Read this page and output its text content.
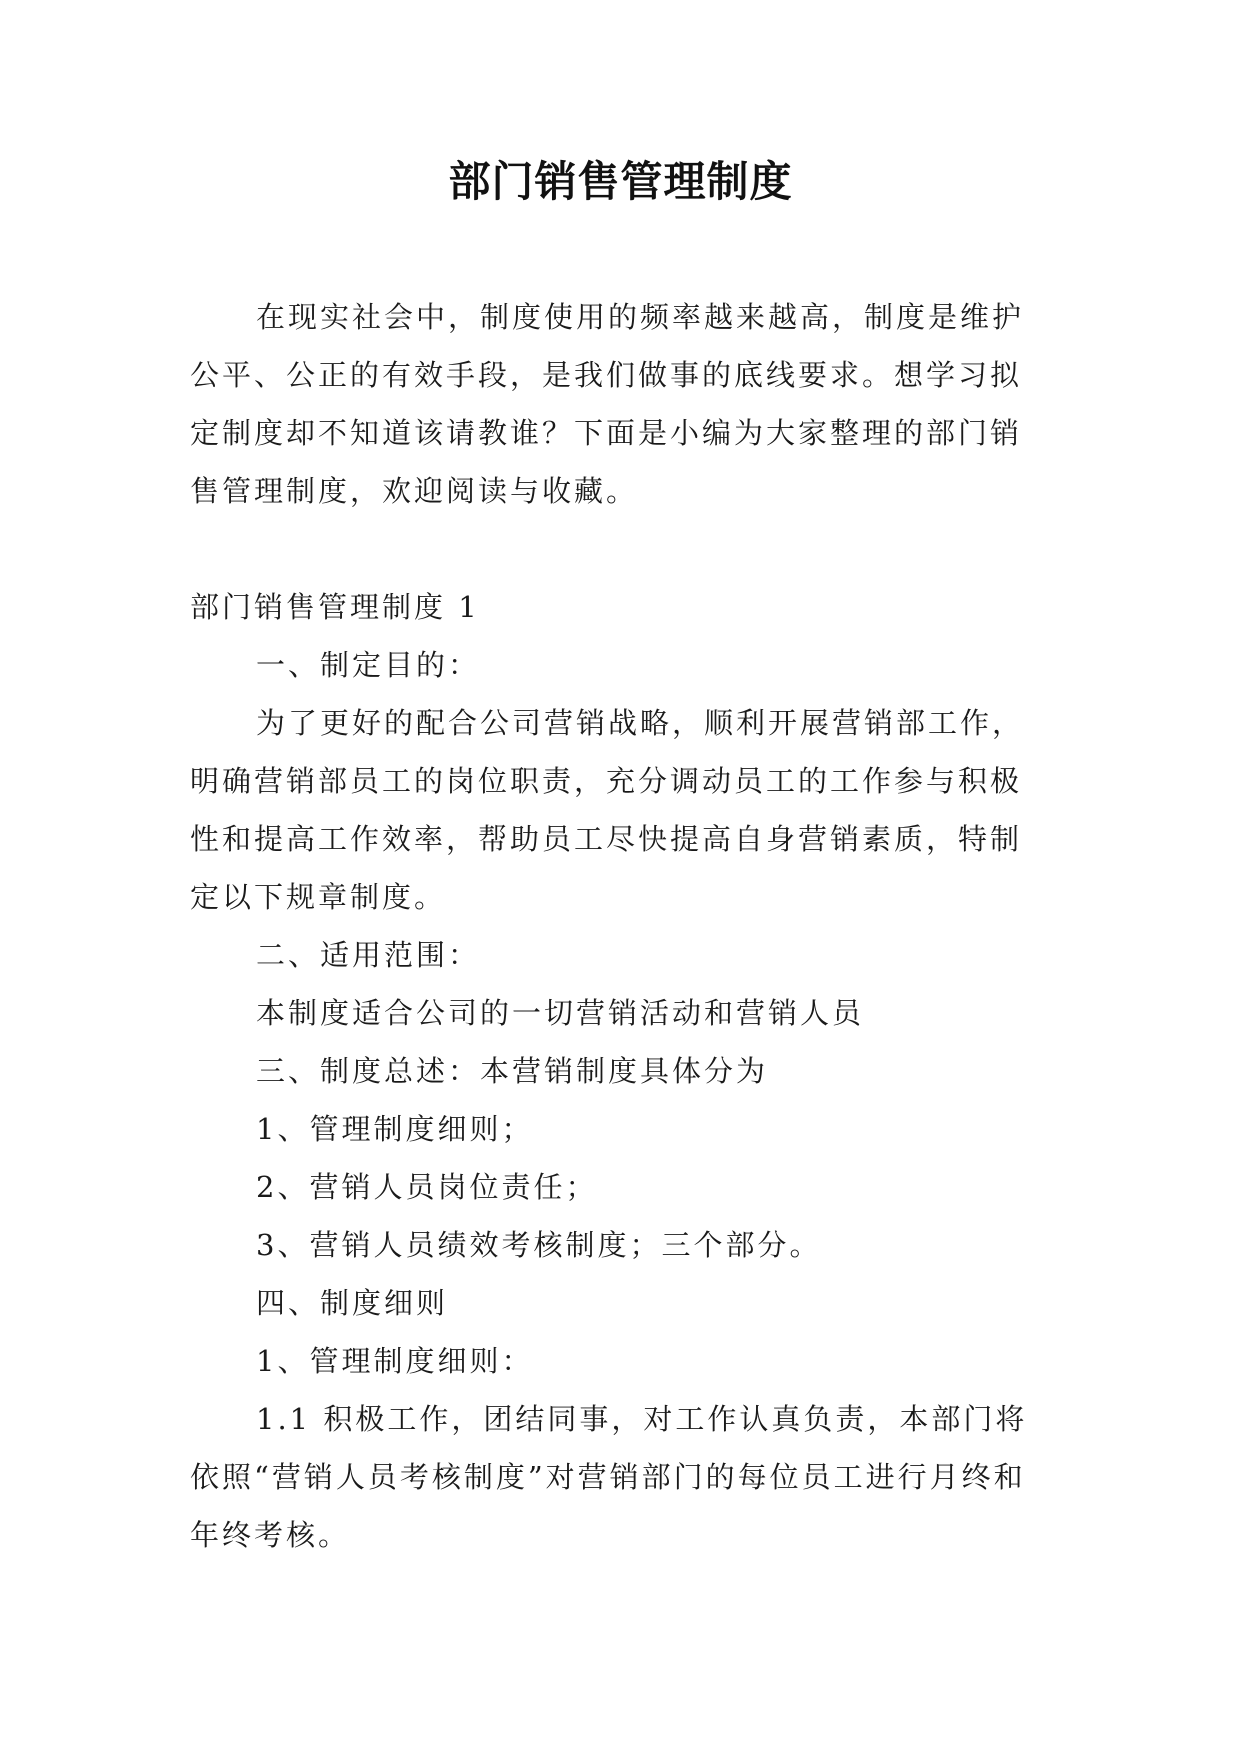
部门销售管理制度

在现实社会中，制度使用的频率越来越高，制度是维护公平、公正的有效手段，是我们做事的底线要求。想学习拟定制度却不知道该请教谁？下面是小编为大家整理的部门销售管理制度，欢迎阅读与收藏。

部门销售管理制度 1

一、制定目的：

为了更好的配合公司营销战略，顺利开展营销部工作，明确营销部员工的岗位职责，充分调动员工的工作参与积极性和提高工作效率，帮助员工尽快提高自身营销素质，特制定以下规章制度。

二、适用范围：

本制度适合公司的一切营销活动和营销人员

三、制度总述：本营销制度具体分为

1、管理制度细则；

2、营销人员岗位责任；

3、营销人员绩效考核制度；三个部分。

四、制度细则

1、管理制度细则：

1.1 积极工作，团结同事，对工作认真负责，本部门将依照“营销人员考核制度”对营销部门的每位员工进行月终和年终考核。
